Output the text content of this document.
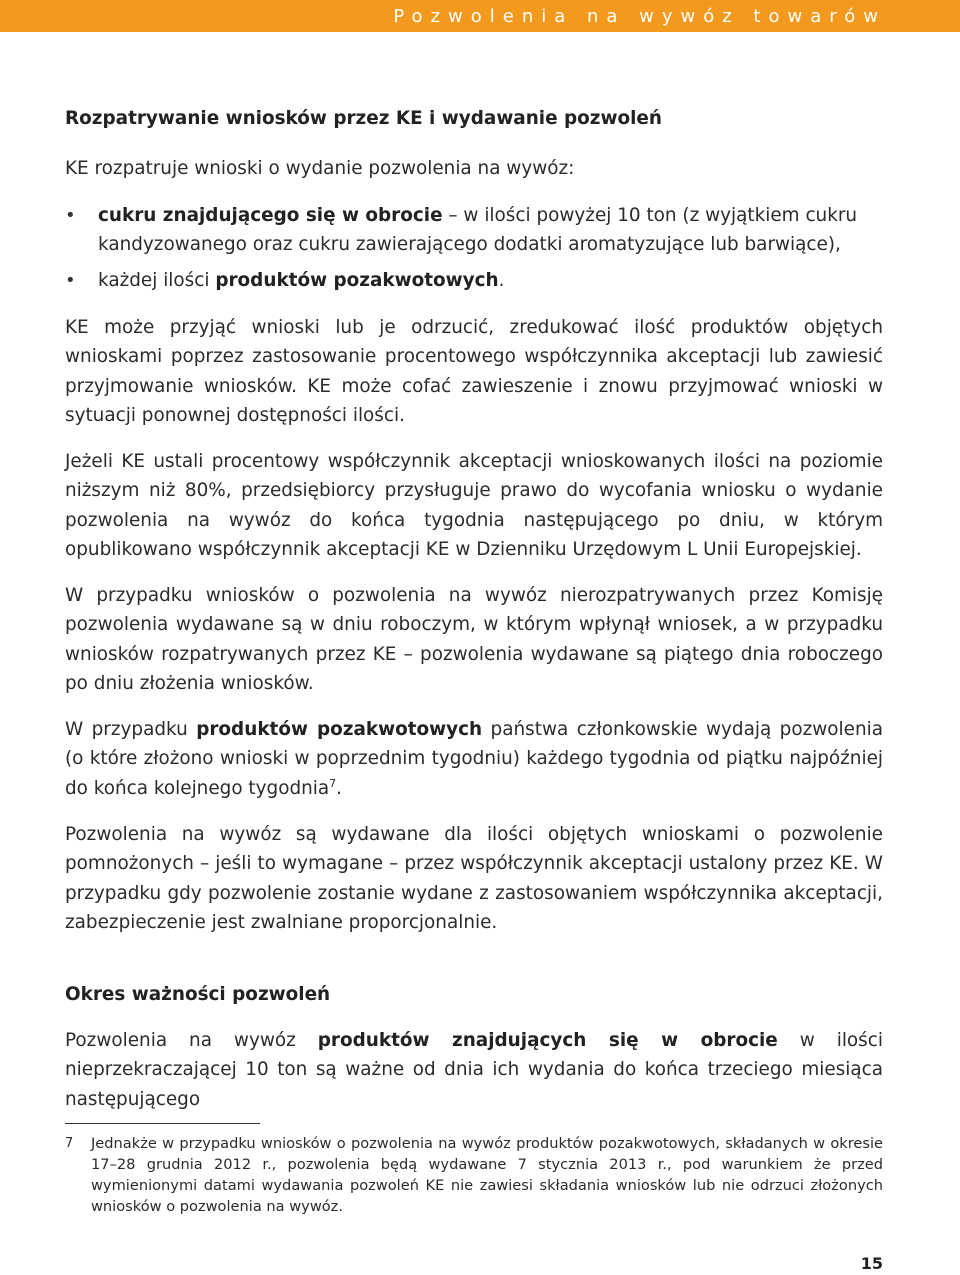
Pozwolenia na wywóz towarów
Rozpatrywanie wniosków przez KE i wydawanie pozwoleń

KE rozpatruje wnioski o wydanie pozwolenia na wywóz:

• cukru znajdującego się w obrocie – w ilości powyżej 10 ton (z wyjątkiem cukru kandyzowanego oraz cukru zawierającego dodatki aromatyzujące lub barwiące),
• każdej ilości produktów pozakwotowych.

KE może przyjąć wnioski lub je odrzucić, zredukować ilość produktów objętych wnioskami poprzez zastosowanie procentowego współczynnika akceptacji lub zawiesić przyjmowanie wniosków. KE może cofać zawieszenie i znowu przyjmować wnioski w sytuacji ponownej dostępności ilości.

Jeżeli KE ustali procentowy współczynnik akceptacji wnioskowanych ilości na poziomie niższym niż 80%, przedsiębiorcy przysługuje prawo do wycofania wniosku o wydanie pozwolenia na wywóz do końca tygodnia następującego po dniu, w którym opublikowano współczynnik akceptacji KE w Dzienniku Urzędowym L Unii Europejskiej.

W przypadku wniosków o pozwolenia na wywóz nierozpatrywanych przez Komisję pozwolenia wydawane są w dniu roboczym, w którym wpłynął wniosek, a w przypadku wniosków rozpatrywanych przez KE – pozwolenia wydawane są piątego dnia roboczego po dniu złożenia wniosków.

W przypadku produktów pozakwotowych państwa członkowskie wydają pozwolenia (o które złożono wnioski w poprzednim tygodniu) każdego tygodnia od piątku najpóźniej do końca kolejnego tygodnia$^7$.

Pozwolenia na wywóz są wydawane dla ilości objętych wnioskami o pozwolenie pomnożonych – jeśli to wymagane – przez współczynnik akceptacji ustalony przez KE. W przypadku gdy pozwolenie zostanie wydane z zastosowaniem współczynnika akceptacji, zabezpieczenie jest zwalniane proporcjonalnie.

Okres ważności pozwoleń

Pozwolenia na wywóz produktów znajdujących się w obrocie w ilości nieprzekraczającej 10 ton są ważne od dnia ich wydania do końca trzeciego miesiąca następującego

7 Jednakże w przypadku wniosków o pozwolenia na wywóz produktów pozakwotowych, składanych w okresie 17–28 grudnia 2012 r., pozwolenia będą wydawane 7 stycznia 2013 r., pod warunkiem że przed wymienionymi datami wydawania pozwoleń KE nie zawiesi składania wniosków lub nie odrzuci złożonych wniosków o pozwolenia na wywóz.
15
